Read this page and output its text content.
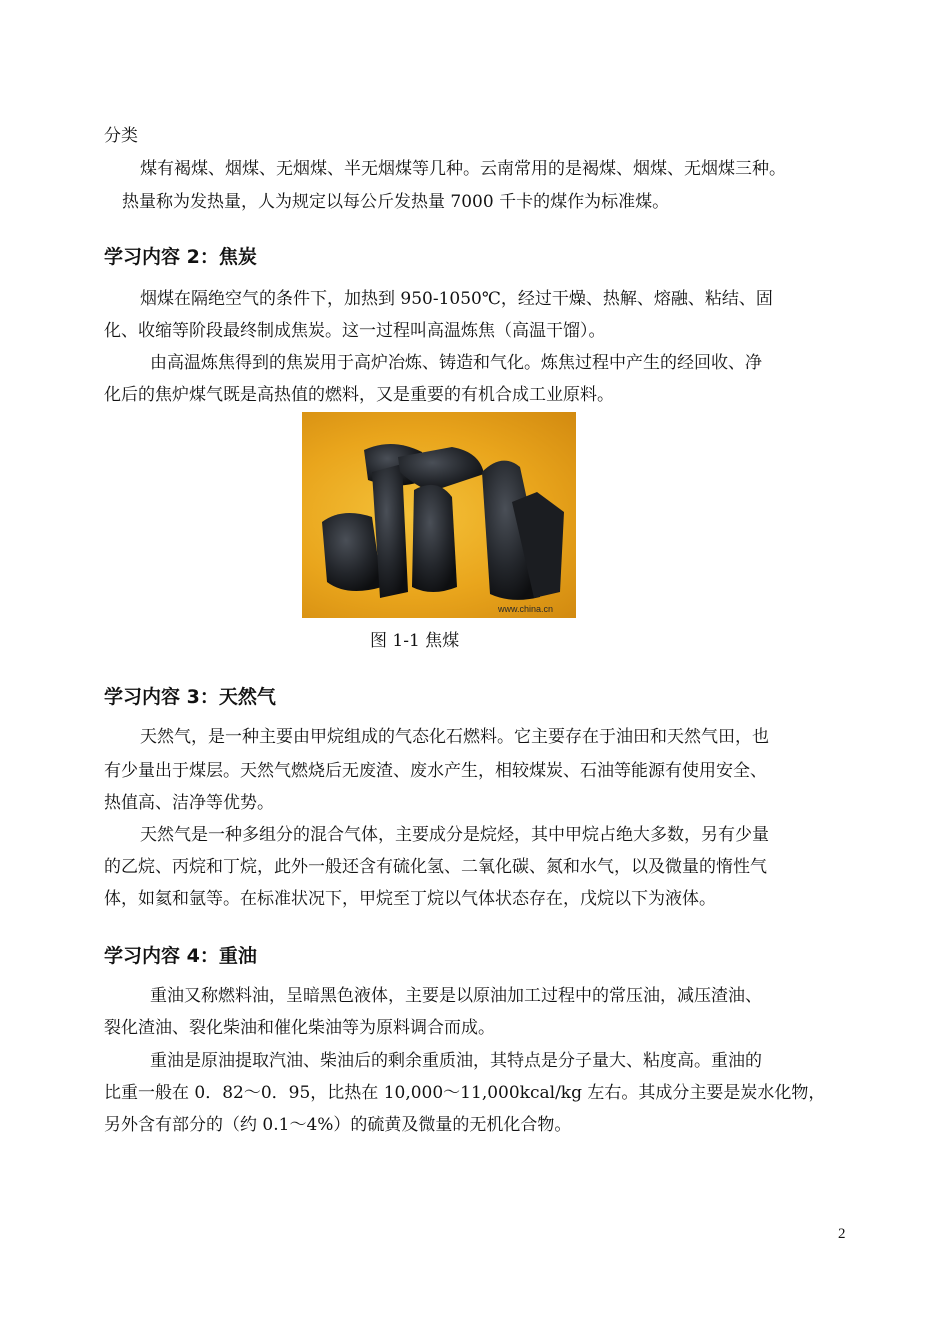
www.china.cn
图 1-1 焦煤
2
分类
煤有褐煤、烟煤、无烟煤、半无烟煤等几种。云南常用的是褐煤、烟煤、无烟煤三种。
热量称为发热量，人为规定以每公斤发热量 7000 千卡的煤作为标准煤。
烟煤在隔绝空气的条件下，加热到 950-1050℃，经过干燥、热解、熔融、粘结、固
化、收缩等阶段最终制成焦炭。这一过程叫高温炼焦（高温干馏）。
由高温炼焦得到的焦炭用于高炉冶炼、铸造和气化。炼焦过程中产生的经回收、净
化后的焦炉煤气既是高热值的燃料，又是重要的有机合成工业原料。
天然气，是一种主要由甲烷组成的气态化石燃料。它主要存在于油田和天然气田，也
有少量出于煤层。天然气燃烧后无废渣、废水产生，相较煤炭、石油等能源有使用安全、
热值高、洁净等优势。
天然气是一种多组分的混合气体，主要成分是烷烃，其中甲烷占绝大多数，另有少量
的乙烷、丙烷和丁烷，此外一般还含有硫化氢、二氧化碳、氮和水气，以及微量的惰性气
体，如氦和氩等。在标准状况下，甲烷至丁烷以气体状态存在，戊烷以下为液体。
重油又称燃料油，呈暗黑色液体，主要是以原油加工过程中的常压油，减压渣油、
裂化渣油、裂化柴油和催化柴油等为原料调合而成。
重油是原油提取汽油、柴油后的剩余重质油，其特点是分子量大、粘度高。重油的
比重一般在 0．82～0．95，比热在 10,000～11,000kcal/kg 左右。其成分主要是炭水化物，
另外含有部分的（约 0.1～4%）的硫黄及微量的无机化合物。
学习内容 2：焦炭
学习内容 3：天然气
学习内容 4：重油
